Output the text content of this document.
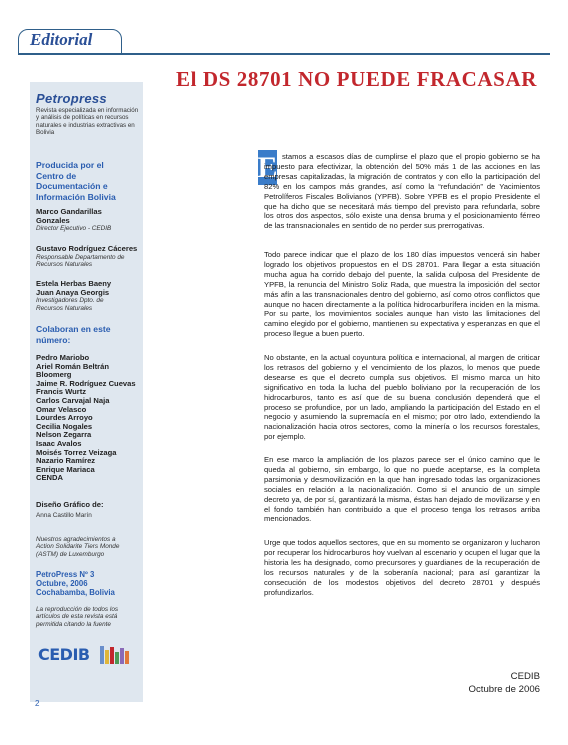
Editorial
Petropress
Revista especializada en información y análisis de políticas en recursos naturales e industrias extractivas en Bolivia
Producida por el Centro de Documentación e Información Bolivia
Marco Gandarillas Gonzales
Director Ejecutivo - CEDIB
Gustavo Rodríguez Cáceres
Responsable Departamento de Recursos Naturales
Estela Herbas Baeny
Juan Anaya Georgis
Investigadores Dpto. de Recursos Naturales
Colaboran en este número:
Pedro Mariobo
Ariel Román Beltrán
Bloomerg
Jaime R. Rodríguez Cuevas
Francis Wurtz
Carlos Carvajal Naja
Omar Velasco
Lourdes Arroyo
Cecilia Nogales
Nelson Zegarra
Isaac Avalos
Moisés Torrez Veizaga
Nazario Ramírez
Enrique Mariaca
CENDA
Diseño Gráfico de:
Anna Castillo Marín
Nuestros agradecimientos a Action Solidarite Tiers Monde (ASTM) de Luxemburgo
PetroPress Nº 3
Octubre, 2006
Cochabamba, Bolivia
La reproducción de todos los artículos de esta revista está permitida citando la fuente
CEDIB
2
El DS 28701 NO PUEDE FRACASAR
E stamos a escasos días de cumplirse el plazo que el propio gobierno se ha impuesto para efectivizar, la obtención del 50% más 1 de las acciones en las empresas capitalizadas, la migración de contratos y con ello la participación del 82% en los campos más grandes, así como la “refundación” de Yacimientos Petrolíferos Fiscales Bolivianos (YPFB). Sobre YPFB es el propio Presidente el que ha dicho que se necesitará más tiempo del previsto para refundarla, sobre los otros dos aspectos, sólo existe una densa bruma y el posicionamiento férreo de las transnacionales en sentido de no perder sus prerrogativas.
Todo parece indicar que el plazo de los 180 días impuestos vencerá sin haber logrado los objetivos propuestos en el DS 28701. Para llegar a esta situación mucha agua ha corrido debajo del puente, la salida culposa del Presidente de YPFB, la renuncia del Ministro Soliz Rada, que muestra la imposición del sector más afín a las transnacionales dentro del gobierno, así como otros conflictos que aunque no hacen directamente a la política hidrocarburífera inciden en la misma. Por su parte, los movimientos sociales aunque han visto las limitaciones del camino elegido por el gobierno, mantienen su expectativa y esperanzas en que el proceso llegue a buen puerto.
No obstante, en la actual coyuntura política e internacional, al margen de criticar los retrasos del gobierno y el vencimiento de los plazos, lo menos que puede desearse es que el decreto cumpla sus objetivos. El mismo marca un hito significativo en toda la lucha del pueblo boliviano por la recuperación de los hidrocarburos, tanto es así que de su buena conclusión dependerá que el proceso se profundice, por un lado, ampliando la participación del Estado en el negocio y asumiendo la supremacía en el mismo; por otro lado, extendiendo la nacionalización hacia otros sectores, como la minería o los recursos forestales, por ejemplo.
En ese marco la ampliación de los plazos parece ser el único camino que le queda al gobierno, sin embargo, lo que no puede aceptarse, es la completa parsimonia y desmovilización en la que han ingresado todas las organizaciones sociales en relación a la nacionalización. Como si el anuncio de un simple decreto ya, de por sí, garantizará la misma, éstas han dejado de movilizarse y en el fondo también han contribuido a que el proceso tenga los retrasos arriba mencionados.
Urge que todos aquellos sectores, que en su momento se organizaron y lucharon por recuperar los hidrocarburos hoy vuelvan al escenario y ocupen el lugar que la historia les ha designado, como precursores y guardianes de la recuperación de los recursos naturales y de la soberanía nacional; para así garantizar la consecución de los modestos objetivos del decreto 28701 y después profundizarlos.
CEDIB
Octubre de 2006
